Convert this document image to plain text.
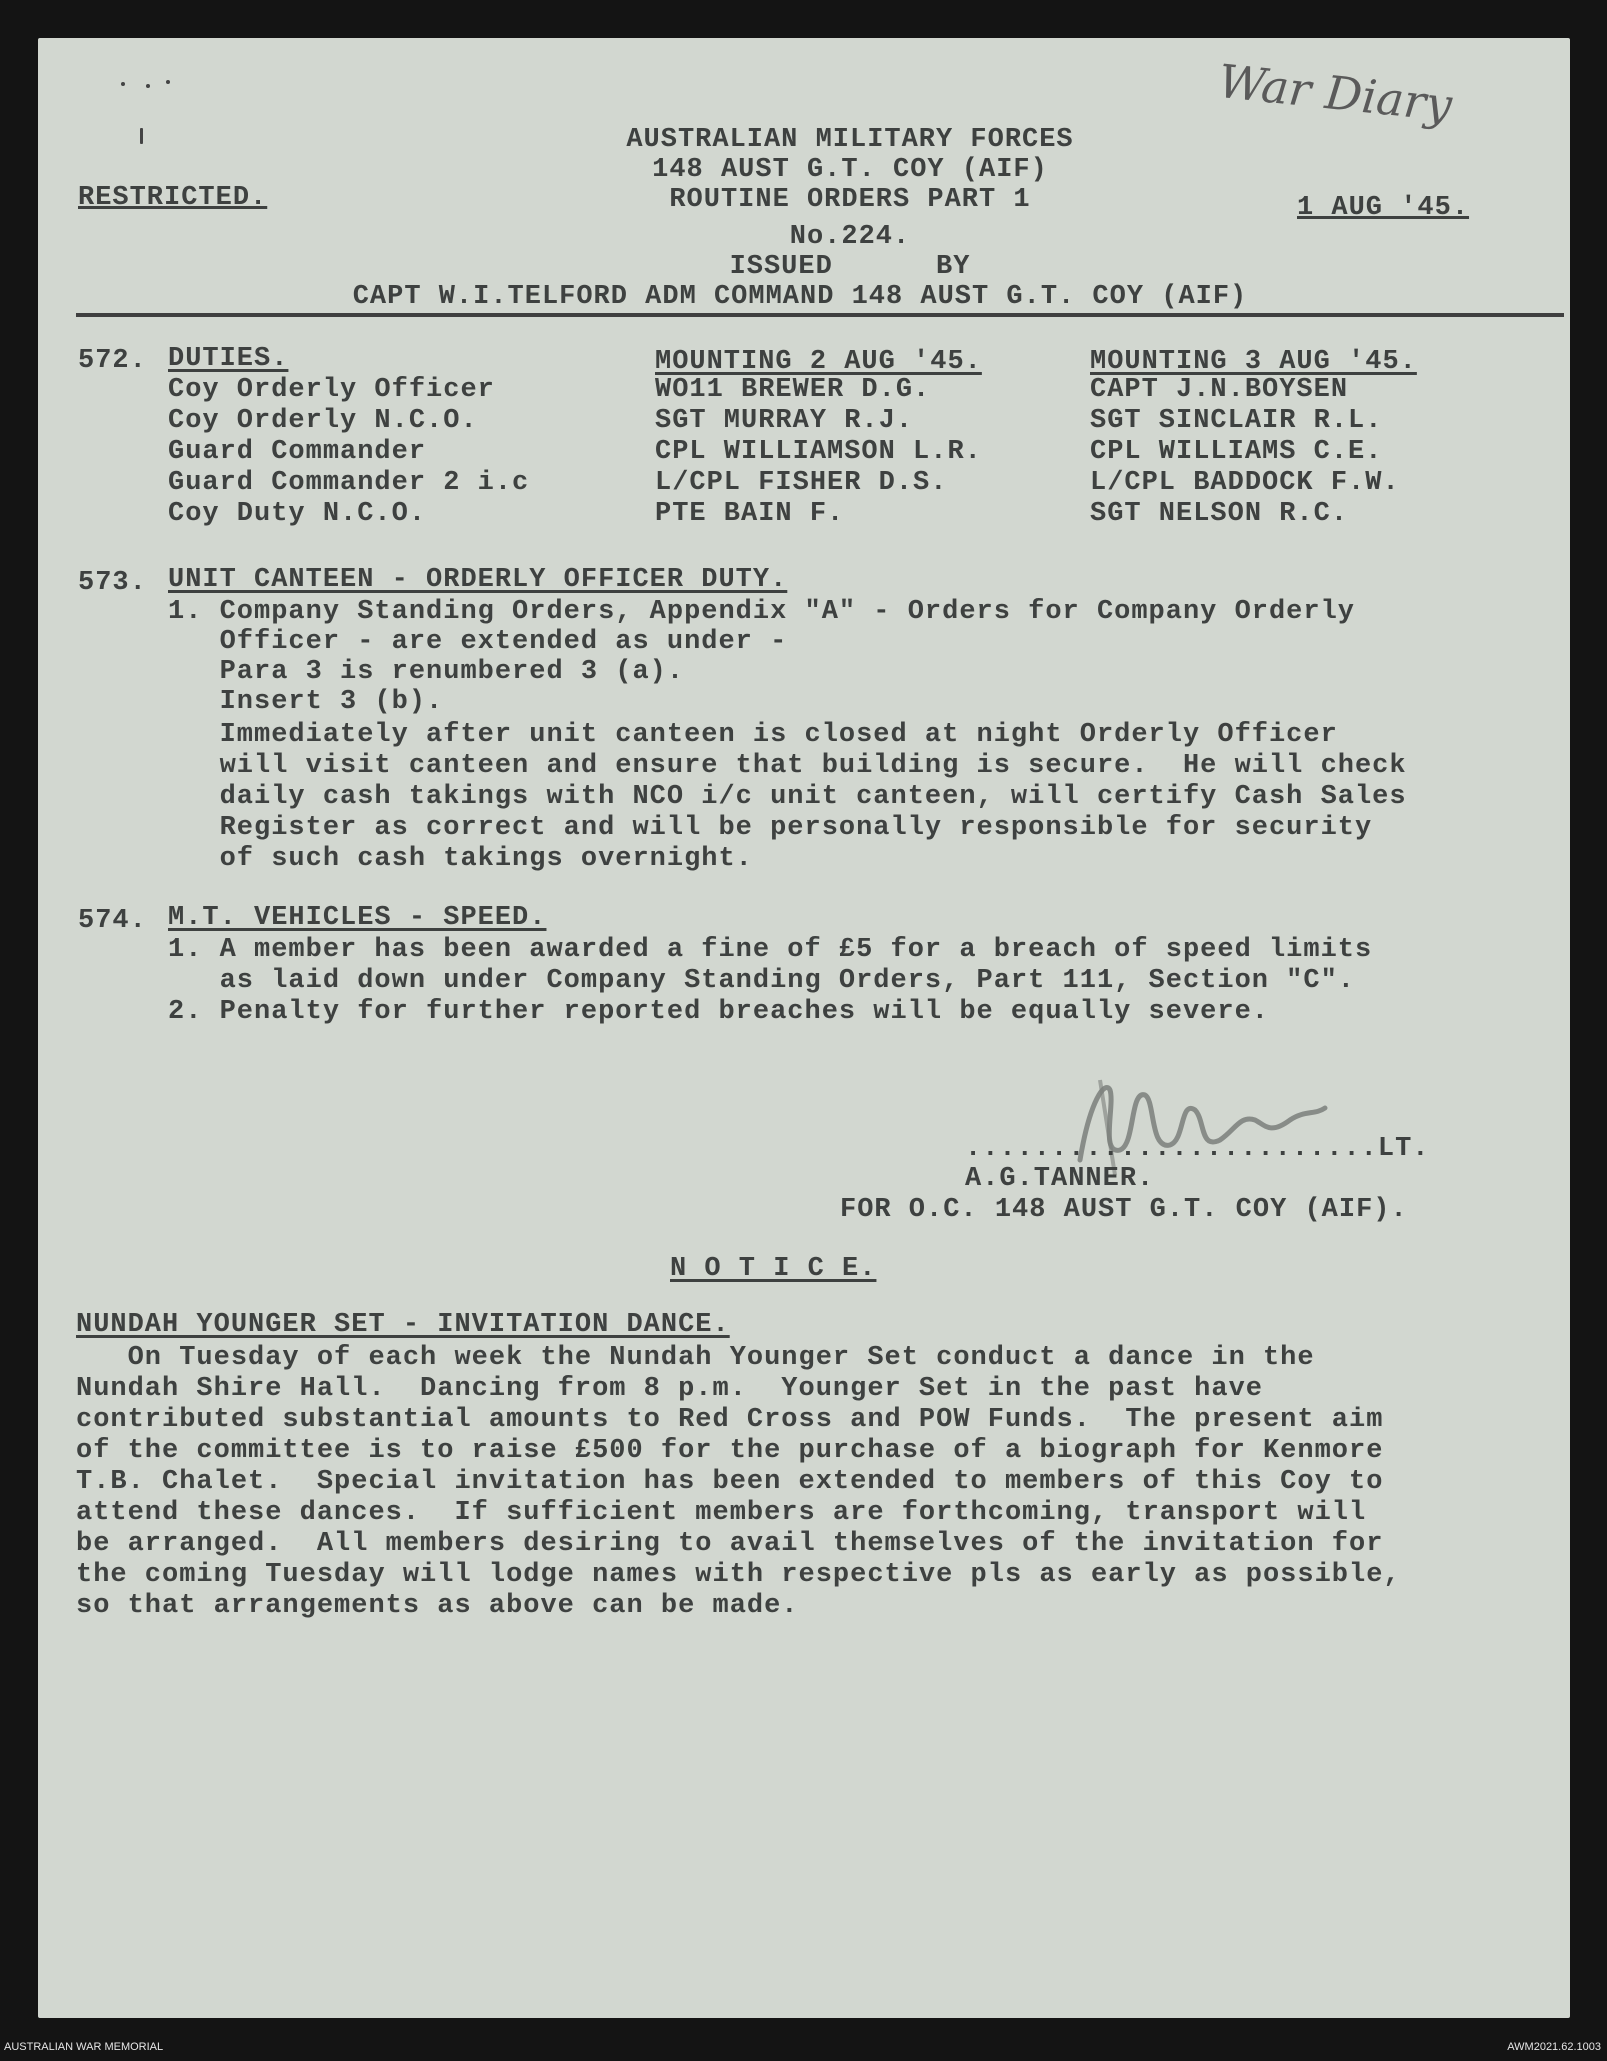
War Diary
RESTRICTED.	1 AUG '45.
AUSTRALIAN MILITARY FORCES
148 AUST G.T. COY (AIF)
ROUTINE ORDERS PART 1
No.224.
ISSUED      BY
CAPT W.I.TELFORD ADM COMMAND 148 AUST G.T. COY (AIF)
572. DUTIES.	MOUNTING 2 AUG '45.	MOUNTING 3 AUG '45.
Coy Orderly Officer	WO11 BREWER D.G.	CAPT J.N.BOYSEN
Coy Orderly N.C.O.	SGT MURRAY R.J.	SGT SINCLAIR R.L.
Guard Commander	CPL WILLIAMSON L.R.	CPL WILLIAMS C.E.
Guard Commander 2 i.c	L/CPL FISHER D.S.	L/CPL BADDOCK F.W.
Coy Duty N.C.O.	PTE BAIN F.	SGT NELSON R.C.
573. UNIT CANTEEN - ORDERLY OFFICER DUTY.
1. Company Standing Orders, Appendix "A" - Orders for Company Orderly
Officer - are extended as under -
Para 3 is renumbered 3 (a).
Insert 3 (b).
Immediately after unit canteen is closed at night Orderly Officer
will visit canteen and ensure that building is secure.  He will check
daily cash takings with NCO i/c unit canteen, will certify Cash Sales
Register as correct and will be personally responsible for security
of such cash takings overnight.
574. M.T. VEHICLES - SPEED.
1. A member has been awarded a fine of £5 for a breach of speed limits
as laid down under Company Standing Orders, Part 111, Section "C".
2. Penalty for further reported breaches will be equally severe.
........................LT.
A.G.TANNER.
FOR O.C. 148 AUST G.T. COY (AIF).
N O T I C E.
NUNDAH YOUNGER SET - INVITATION DANCE.
On Tuesday of each week the Nundah Younger Set conduct a dance in the
Nundah Shire Hall.  Dancing from 8 p.m.  Younger Set in the past have
contributed substantial amounts to Red Cross and POW Funds.  The present aim
of the committee is to raise £500 for the purchase of a biograph for Kenmore
T.B. Chalet.  Special invitation has been extended to members of this Coy to
attend these dances.  If sufficient members are forthcoming, transport will
be arranged.  All members desiring to avail themselves of the invitation for
the coming Tuesday will lodge names with respective pls as early as possible,
so that arrangements as above can be made.
AUSTRALIAN WAR MEMORIAL	AWM2021.62.1003
